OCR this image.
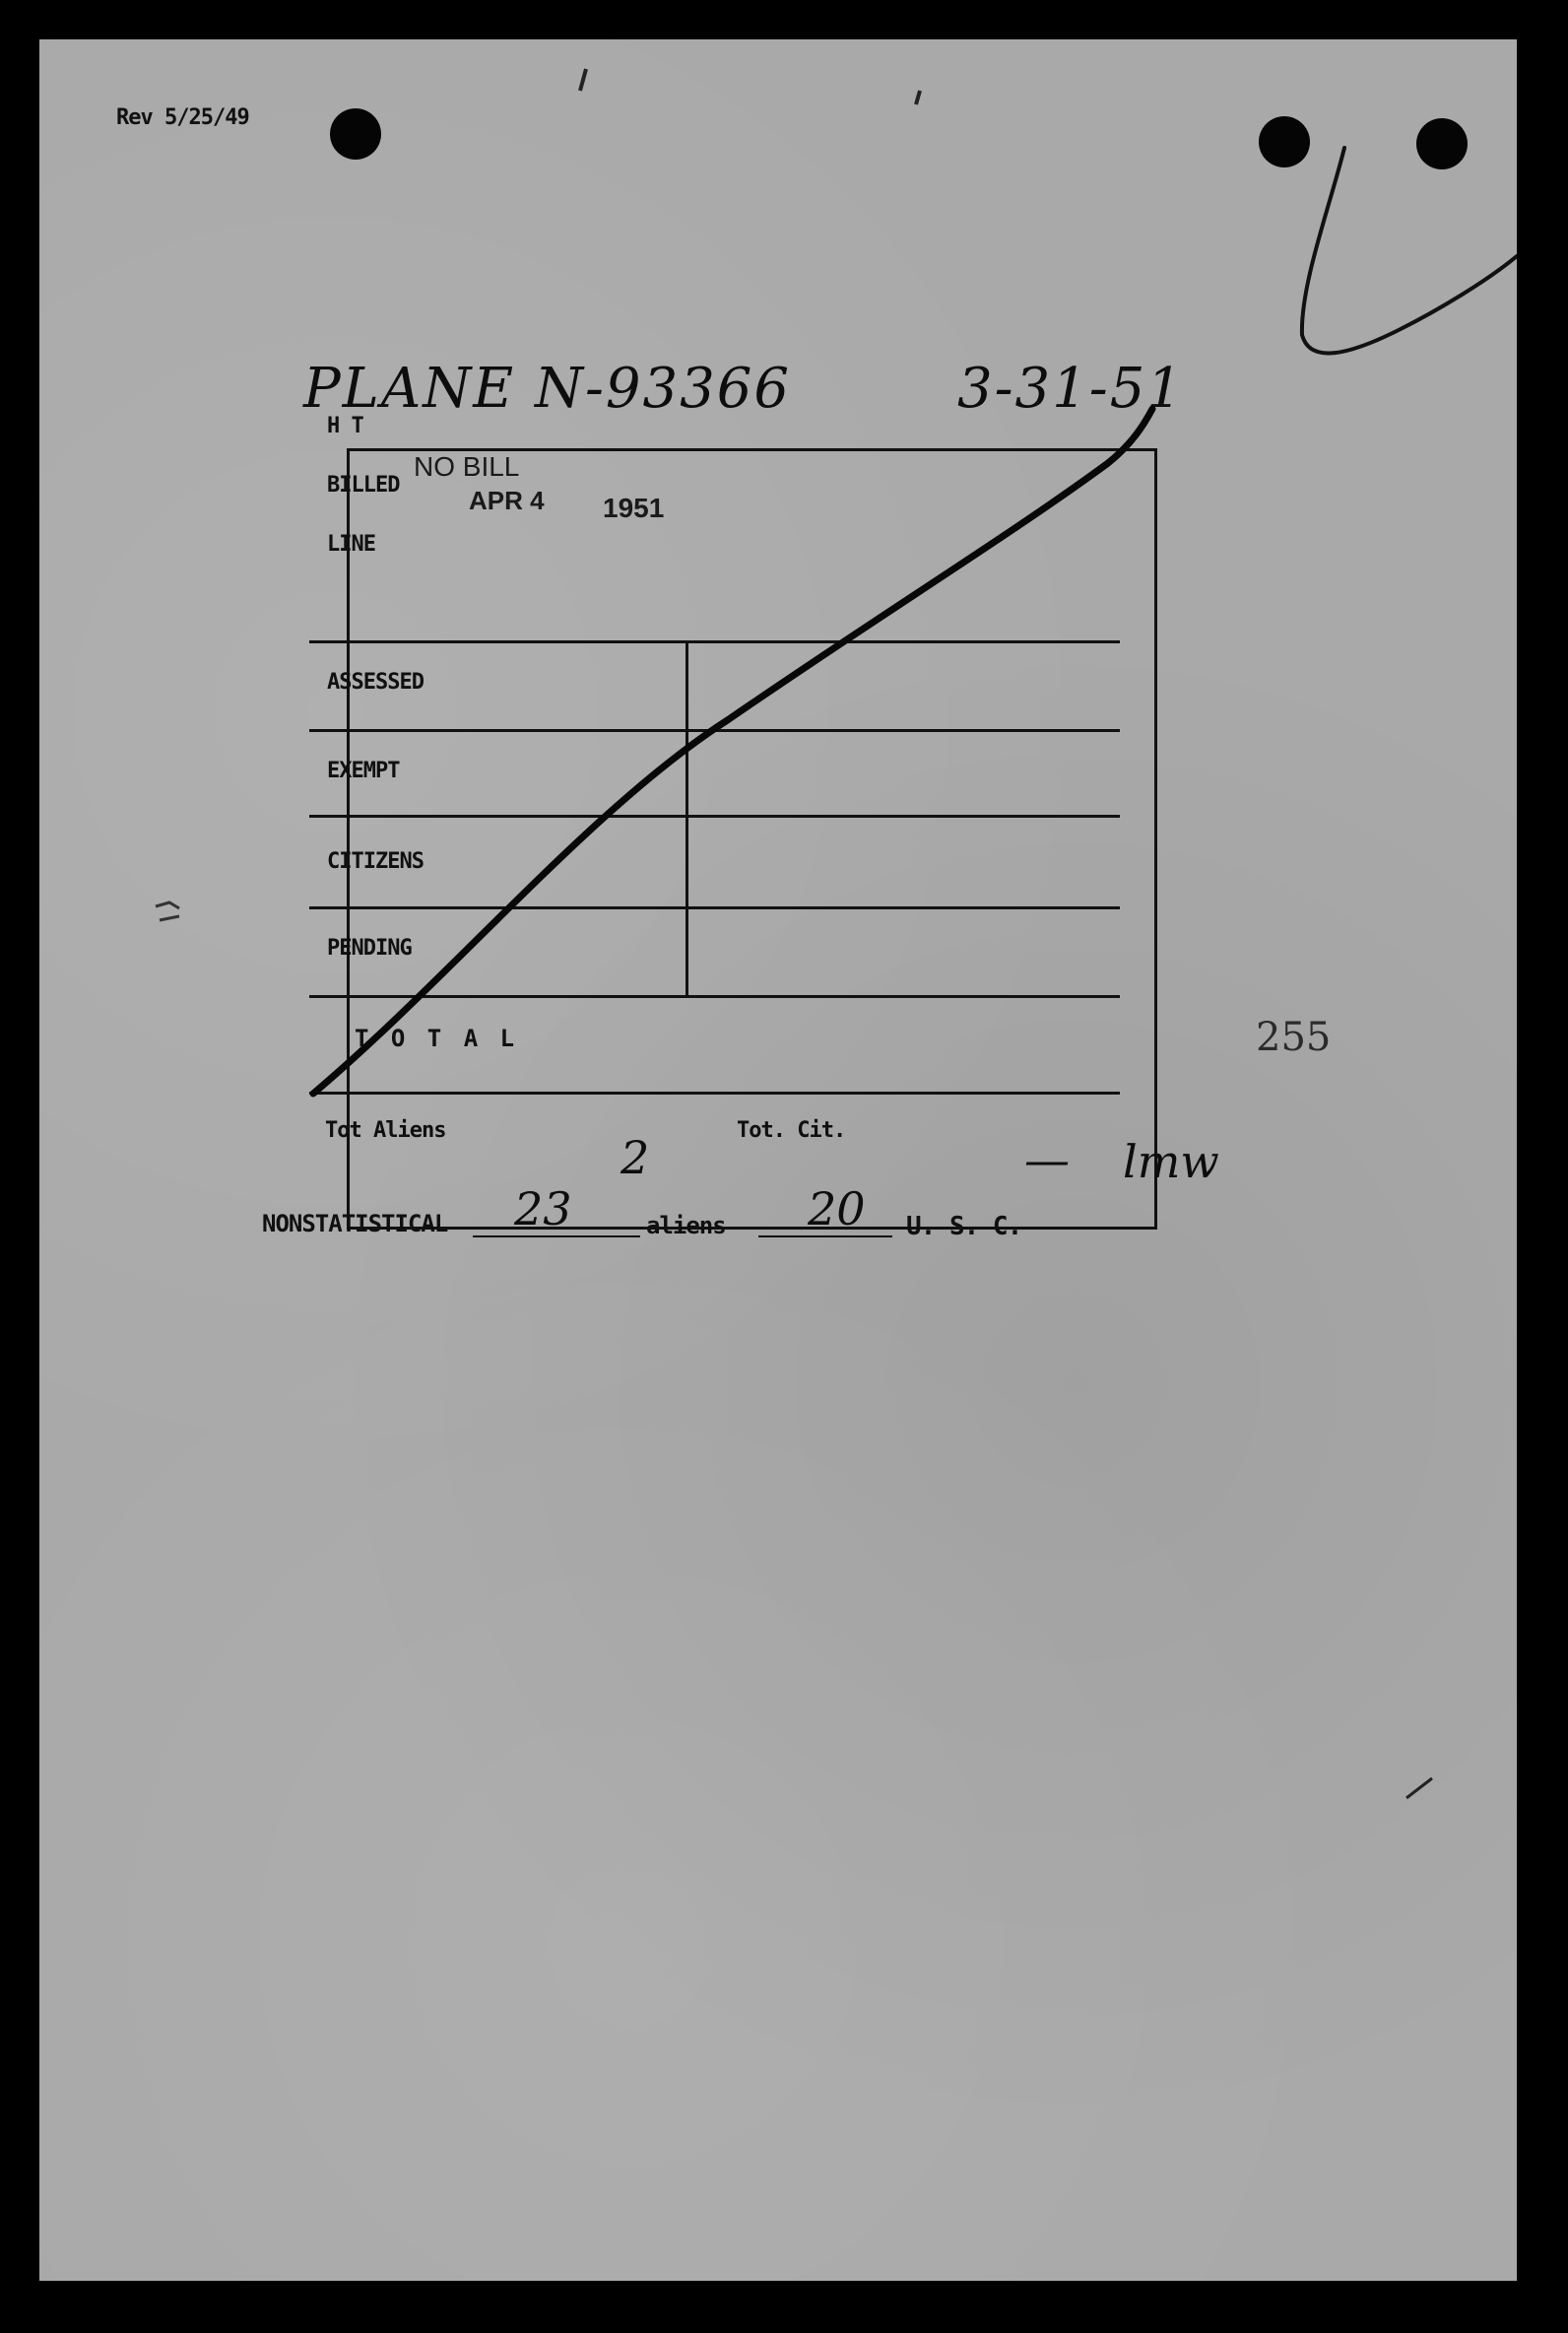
Rev 5/25/49
PLANE N-93366	3-31-51
H T
BILLED
NO BILL
APR 4 1951
LINE
ASSESSED
EXEMPT
CITIZENS
PENDING
T O T A L
Tot Aliens
2
Tot. Cit.
— lmw
NONSTATISTICAL 23	aliens 20 U. S. C.
255
